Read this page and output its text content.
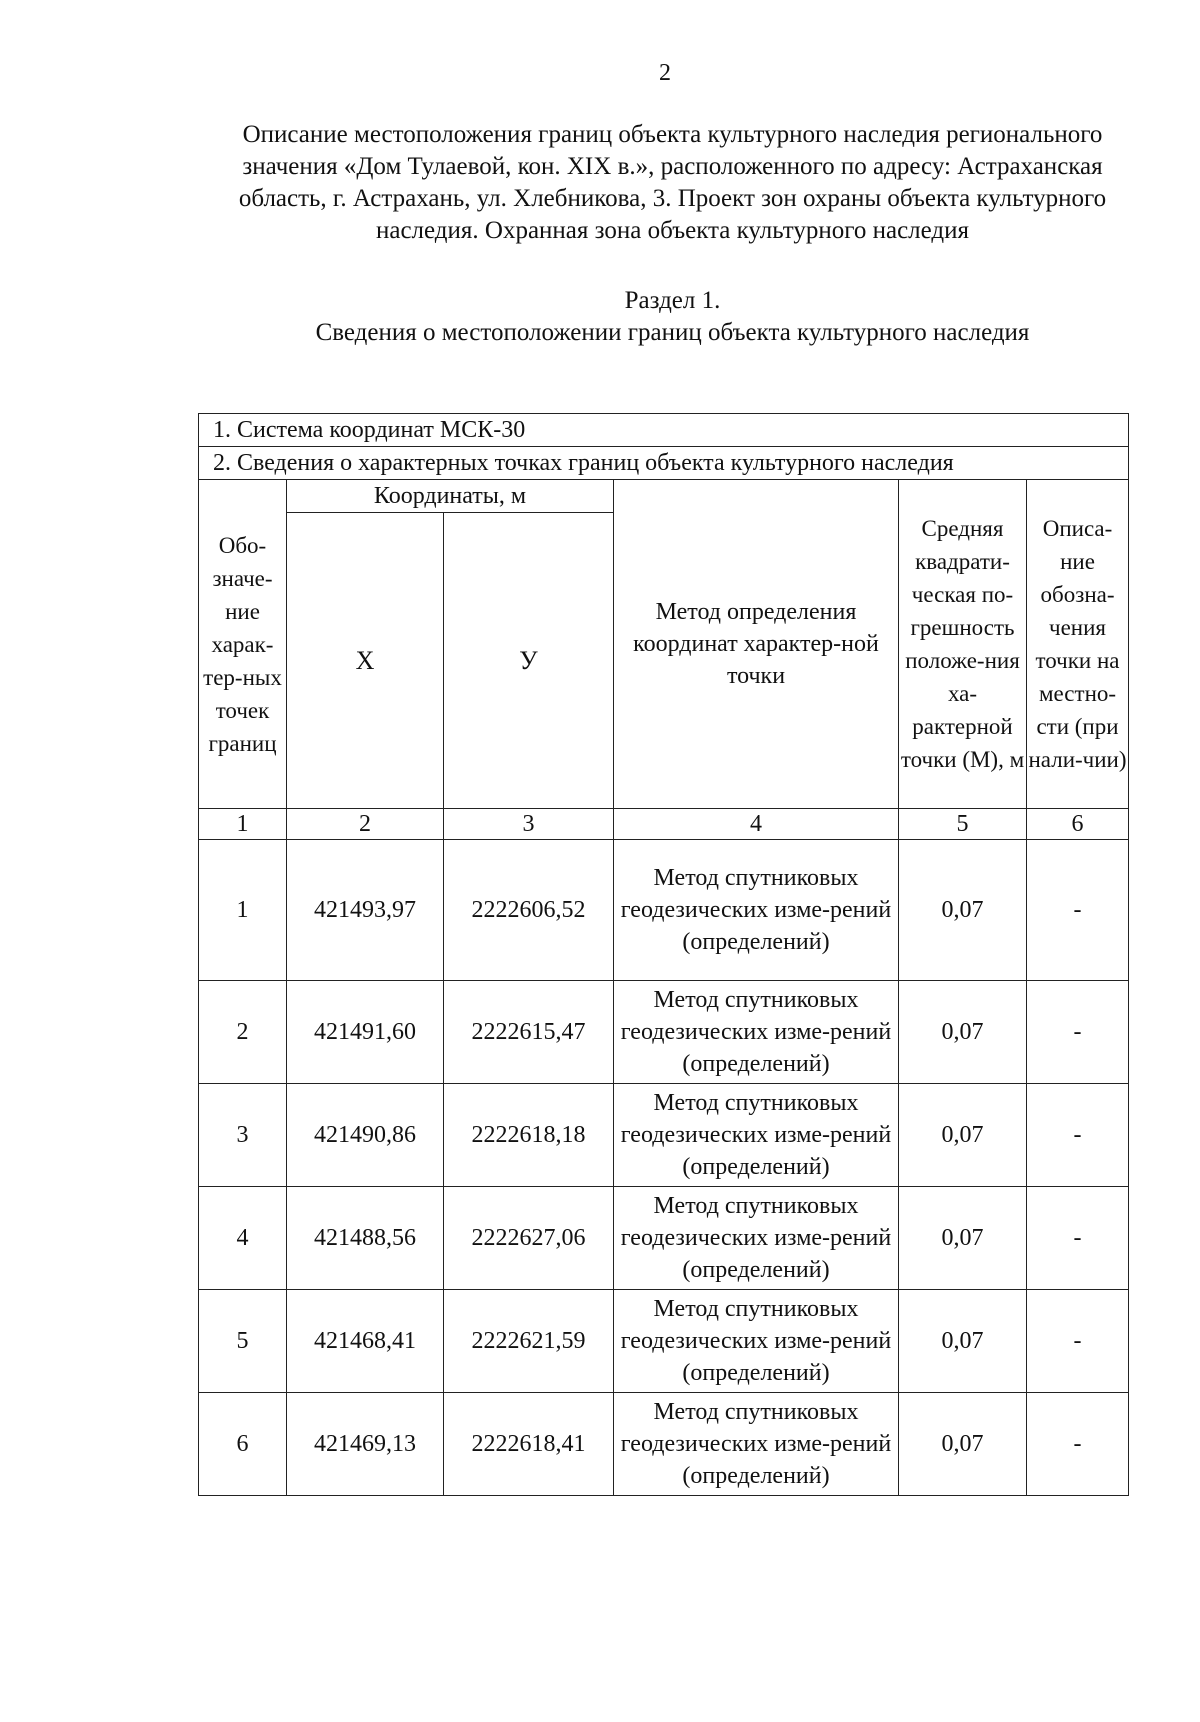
2
Описание местоположения границ объекта культурного наследия регионального значения «Дом Тулаевой, кон. XIX в.», расположенного по адресу: Астраханская область, г. Астрахань, ул. Хлебникова, 3. Проект зон охраны объекта культурного наследия. Охранная зона объекта культурного наследия
Раздел 1.
Сведения о местоположении границ объекта культурного наследия
1. Система координат МСК-30					
2. Сведения о характерных точках границ объекта культурного наследия					
Обо-значе-ние харак-тер-ных точек границ	Координаты, м		Метод определения координат характер-ной точки	Средняя квадрати-ческая по-грешность положе-ния ха-рактерной точки (М), м	Описа-ние обозна-чения точки на местно-сти (при нали-чии)
	X	У			
1	2	3	4	5	6
1	421493,97	2222606,52	Метод спутниковых геодезических изме-рений (определений)	0,07	-
2	421491,60	2222615,47	Метод спутниковых геодезических изме-рений (определений)	0,07	-
3	421490,86	2222618,18	Метод спутниковых геодезических изме-рений (определений)	0,07	-
4	421488,56	2222627,06	Метод спутниковых геодезических изме-рений (определений)	0,07	-
5	421468,41	2222621,59	Метод спутниковых геодезических изме-рений (определений)	0,07	-
6	421469,13	2222618,41	Метод спутниковых геодезических изме-рений (определений)	0,07	-
